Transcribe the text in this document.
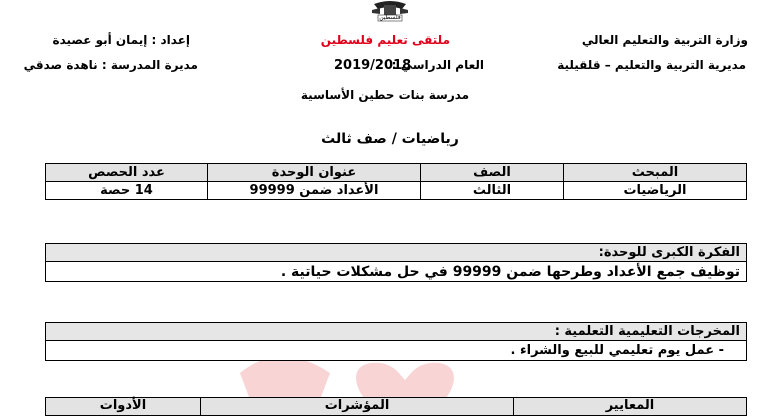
فلسطين
وزارة التربية والتعليم العالي
ملتقى تعليم فلسطين
إعداد : إيمان أبو عصيدة
مديرية التربية والتعليم – قلقيلية
العام الدراسي :
2019/2018
مديرة المدرسة : ناهدة صدقي
مدرسة بنات حطين الأساسية
رياضيات / صف ثالث
المبحث	الصف	عنوان الوحدة	عدد الحصص
الرياضيات	الثالث	الأعداد ضمن 99999	14 حصة
الفكرة الكبرى للوحدة:
توظيف جمع الأعداد وطرحها ضمن 99999 في حل مشكلات حياتية .
المخرجات التعليمية التعلمية :
- عمل يوم تعليمي للبيع والشراء .
المعايير	المؤشرات	الأدوات
